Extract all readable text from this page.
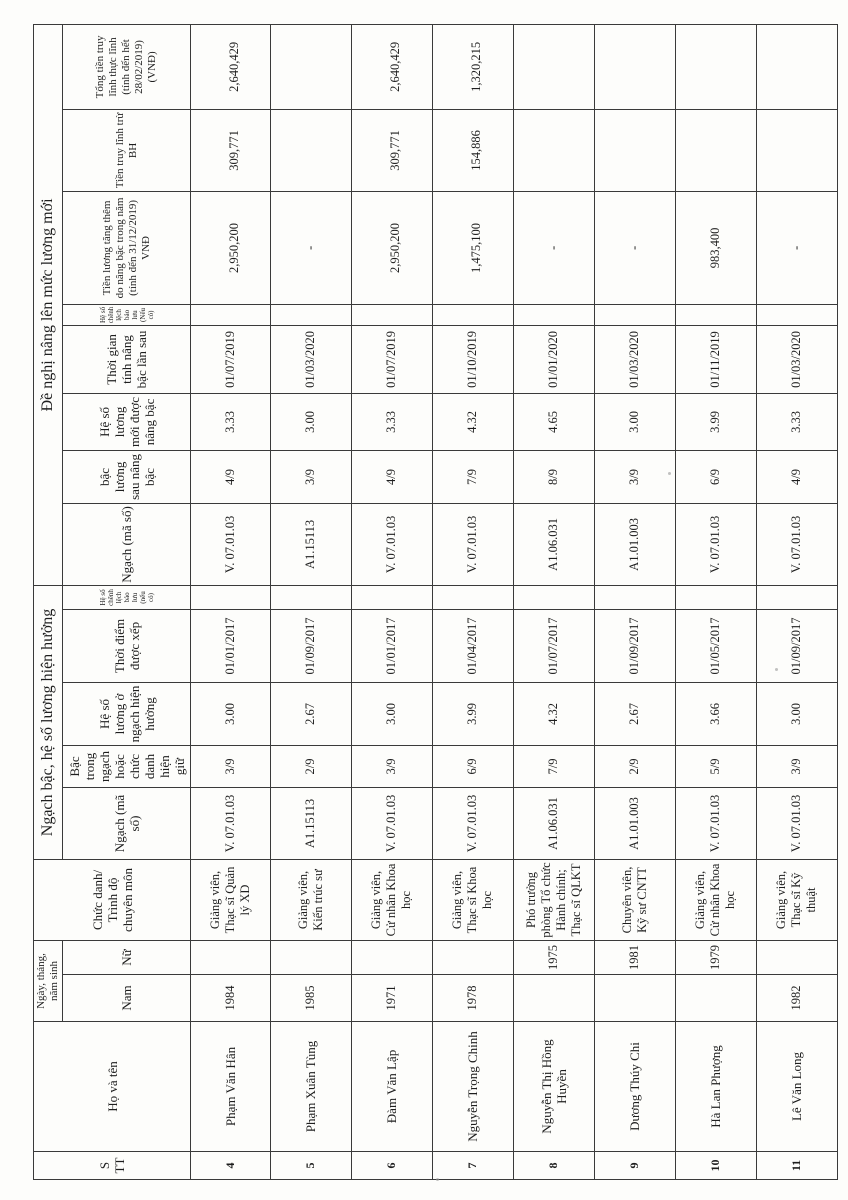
S TT	Họ và tên	Ngày, tháng, năm sinh		Chức danh/ Trình độ chuyên môn	Ngạch bậc, hệ số lương hiện hưởng					Đề nghị nâng lên mức lương mới							
		Nam	Nữ		Ngạch (mã số)	Bậc trong ngạch hoặc chức danh hiện giữ	Hệ số lương ở ngạch hiện hưởng	Thời điểm được xếp	Hệ số chênh lệch bảo lưu (nếu có)	Ngạch (mã số)	bậc lương sau nâng bậc	Hệ số lương mới được nâng bậc	Thời gian tính nâng bậc lần sau	Hệ số chênh lệch bảo lưu (Nếu có)	Tiền lương tăng thêm do nâng bậc trong năm (tính đến 31/12/2019) VNĐ	Tiền truy lĩnh trừ BH	Tổng tiền truy lĩnh thực lĩnh (tính đến hết 28/02/2019) (VNĐ)

4	Phạm Văn Hân	1984		Giảng viên, Thạc sĩ Quản lý XD	V. 07.01.03	3/9	3.00	01/01/2017		V. 07.01.03	4/9	3.33	01/07/2019		2,950,200	309,771	2,640,429
5	Phạm Xuân Tùng	1985		Giảng viên, Kiến trúc sư	A1.15113	2/9	2.67	01/09/2017		A1.15113	3/9	3.00	01/03/2020		-		
6	Đàm Văn Lập	1971		Giảng viên, Cử nhân Khoa học	V. 07.01.03	3/9	3.00	01/01/2017		V. 07.01.03	4/9	3.33	01/07/2019		2,950,200	309,771	2,640,429
7	Nguyễn Trọng Chinh	1978		Giảng viên, Thạc sĩ Khoa học	V. 07.01.03	6/9	3.99	01/04/2017		V. 07.01.03	7/9	4.32	01/10/2019		1,475,100	154,886	1,320,215
8	Nguyễn Thị Hồng Huyền		1975	Phó trưởng phòng Tổ chức Hành chính; Thạc sĩ QLKT	A1.06.031	7/9	4.32	01/07/2017		A1.06.031	8/9	4.65	01/01/2020		-		
9	Dương Thúy Chi		1981	Chuyên viên, Kỹ sư CNTT	A1.01.003	2/9	2.67	01/09/2017		A1.01.003	3/9	3.00	01/03/2020		-		
10	Hà Lan Phượng		1979	Giảng viên, Cử nhân Khoa học	V. 07.01.03	5/9	3.66	01/05/2017		V. 07.01.03	6/9	3.99	01/11/2019		983,400		
11	Lê Văn Long	1982		Giảng viên, Thạc sĩ Kỹ thuật	V. 07.01.03	3/9	3.00	01/09/2017		V. 07.01.03	4/9	3.33	01/03/2020		-		
